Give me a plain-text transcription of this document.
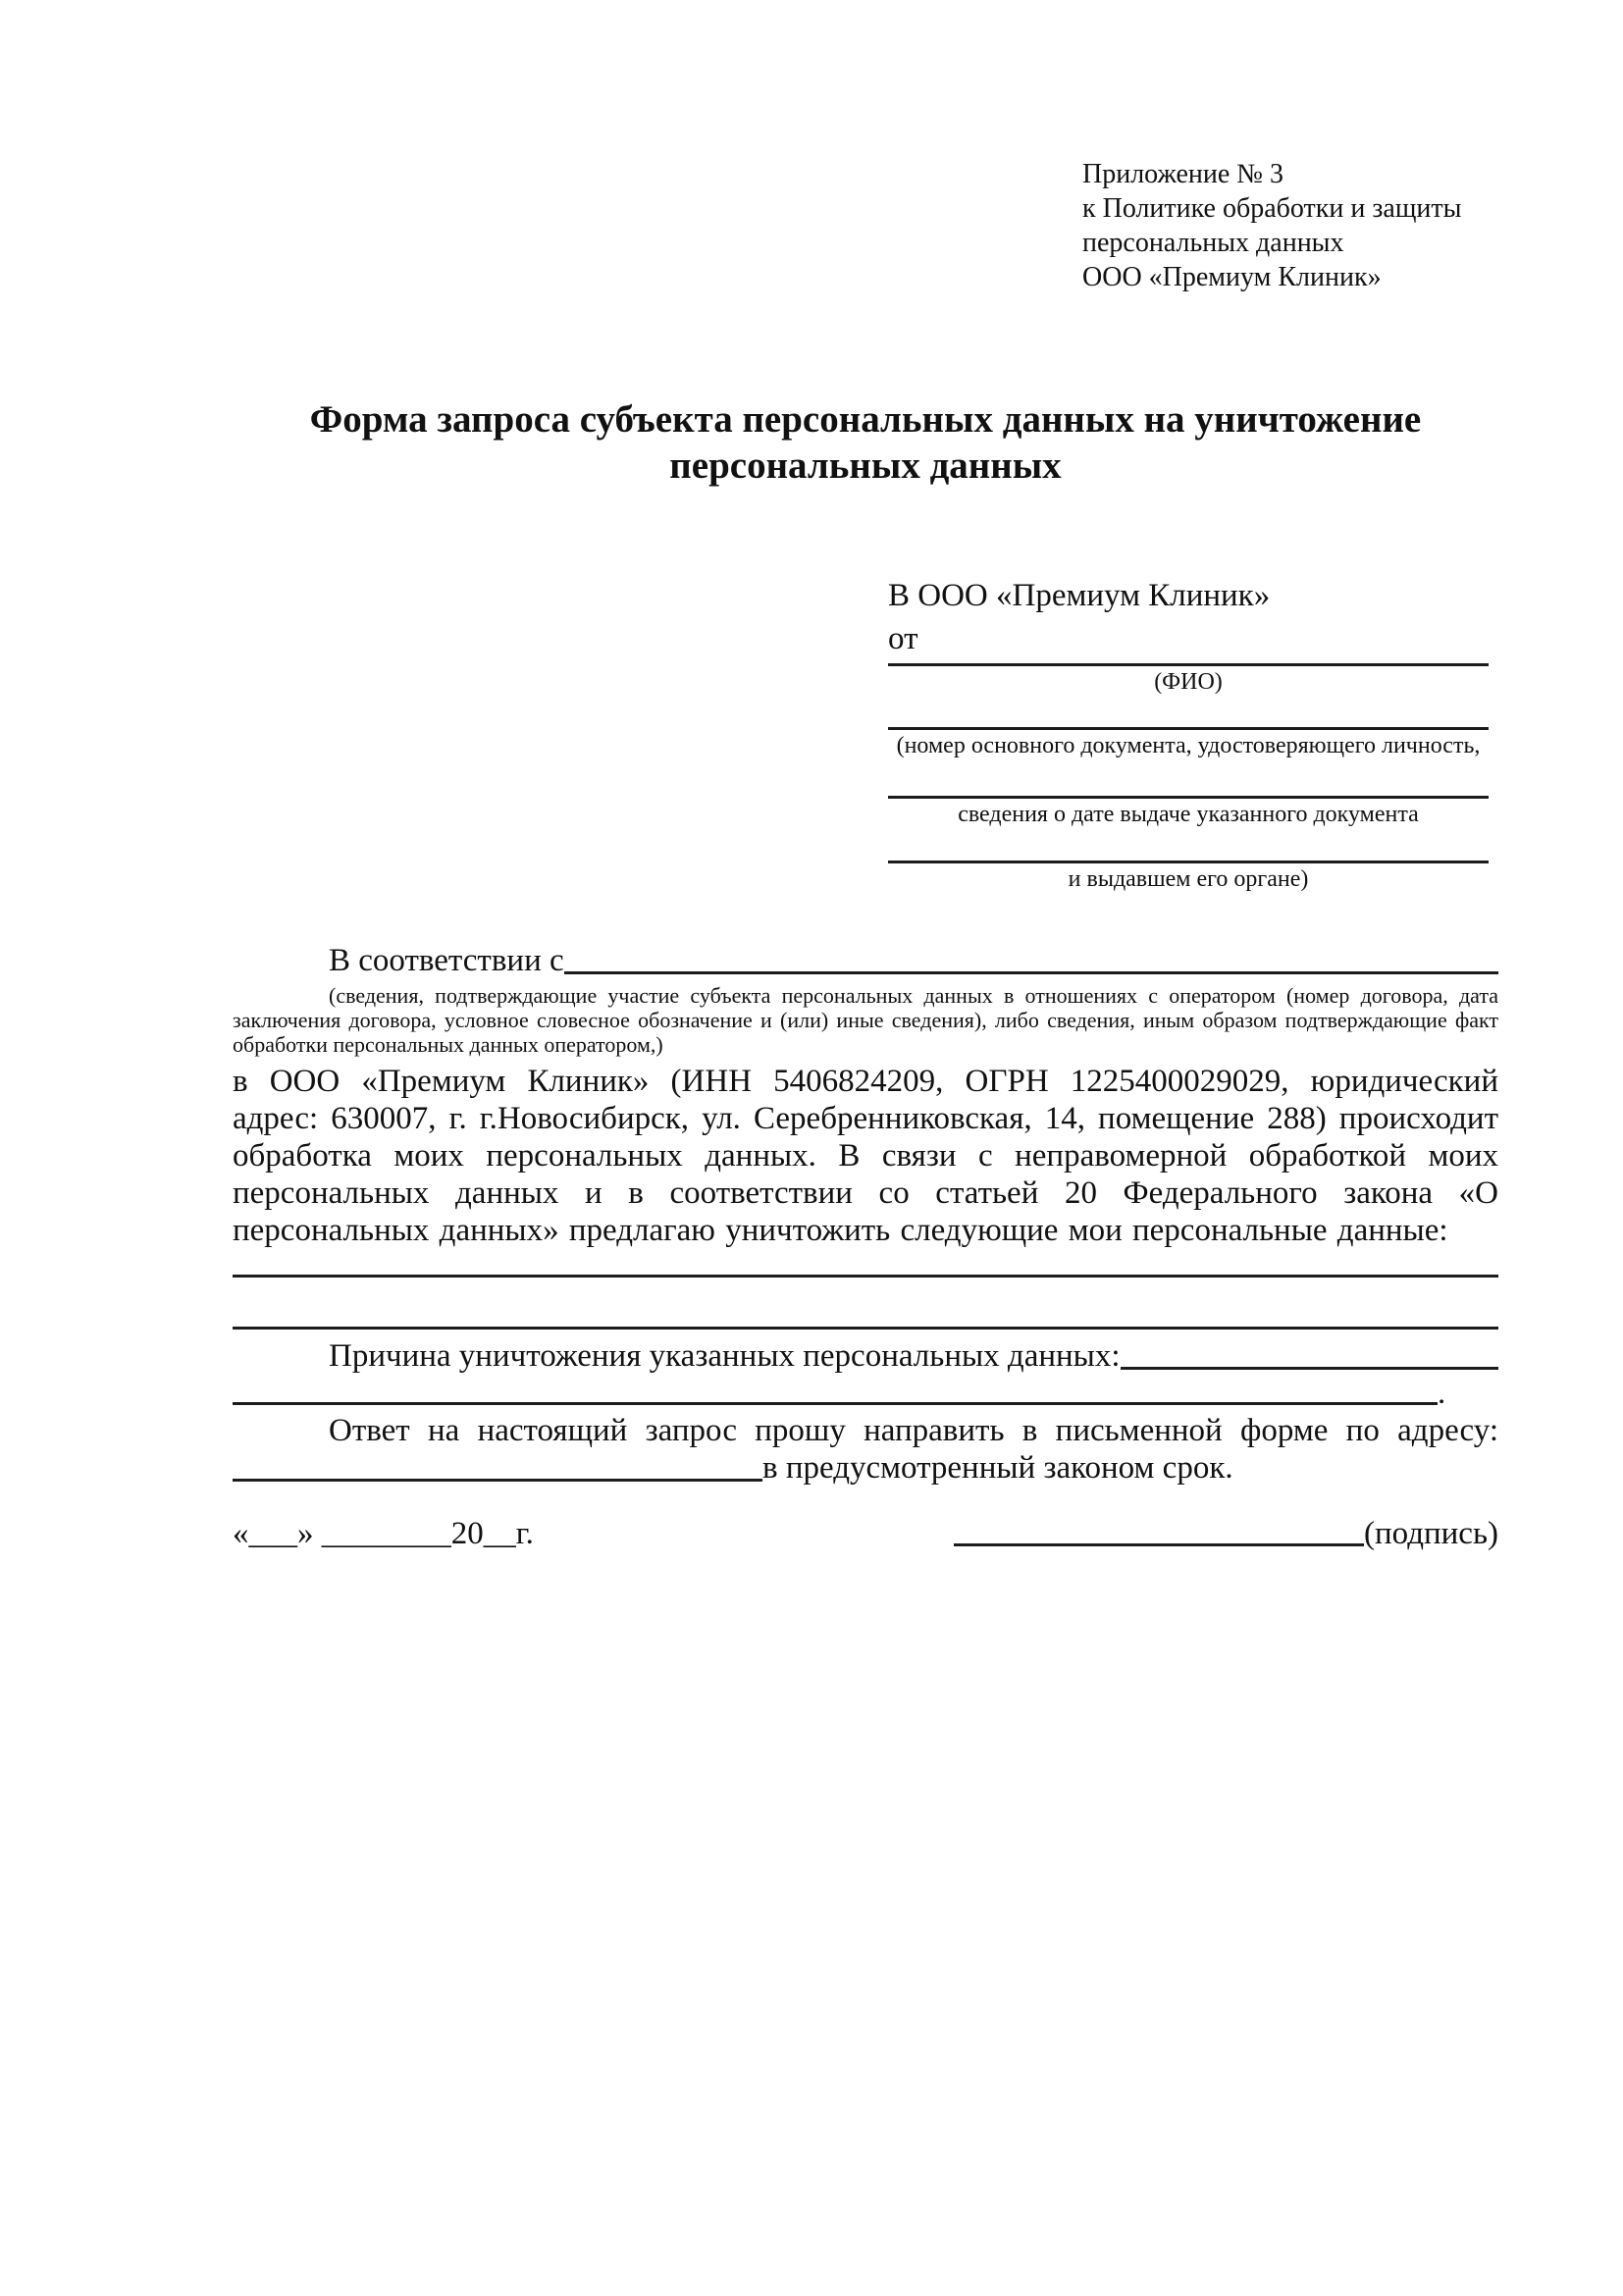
Приложение № 3
к Политике обработки и защиты
персональных данных
ООО «Премиум Клиник»
Форма запроса субъекта персональных данных на уничтожение персональных данных
В ООО «Премиум Клиник»
от
(ФИО)
(номер основного документа, удостоверяющего личность,
сведения о дате выдаче указанного документа
и выдавшем его органе)
В соответствии с
(сведения, подтверждающие участие субъекта персональных данных в отношениях с оператором (номер договора, дата заключения договора, условное словесное обозначение и (или) иные сведения), либо сведения, иным образом подтверждающие факт обработки персональных данных оператором,)
в ООО «Премиум Клиник» (ИНН 5406824209, ОГРН 1225400029029, юридический адрес: 630007, г. г.Новосибирск, ул. Серебренниковская, 14, помещение 288) происходит обработка моих персональных данных. В связи с неправомерной обработкой моих персональных данных и в соответствии со статьей 20 Федерального закона «О персональных данных» предлагаю уничтожить следующие мои персональные данные:
Причина уничтожения указанных персональных данных:
.
Ответ на настоящий запрос прошу направить в письменной форме по адресу:
в предусмотренный законом срок.
«___» ________20__г.	(подпись)
